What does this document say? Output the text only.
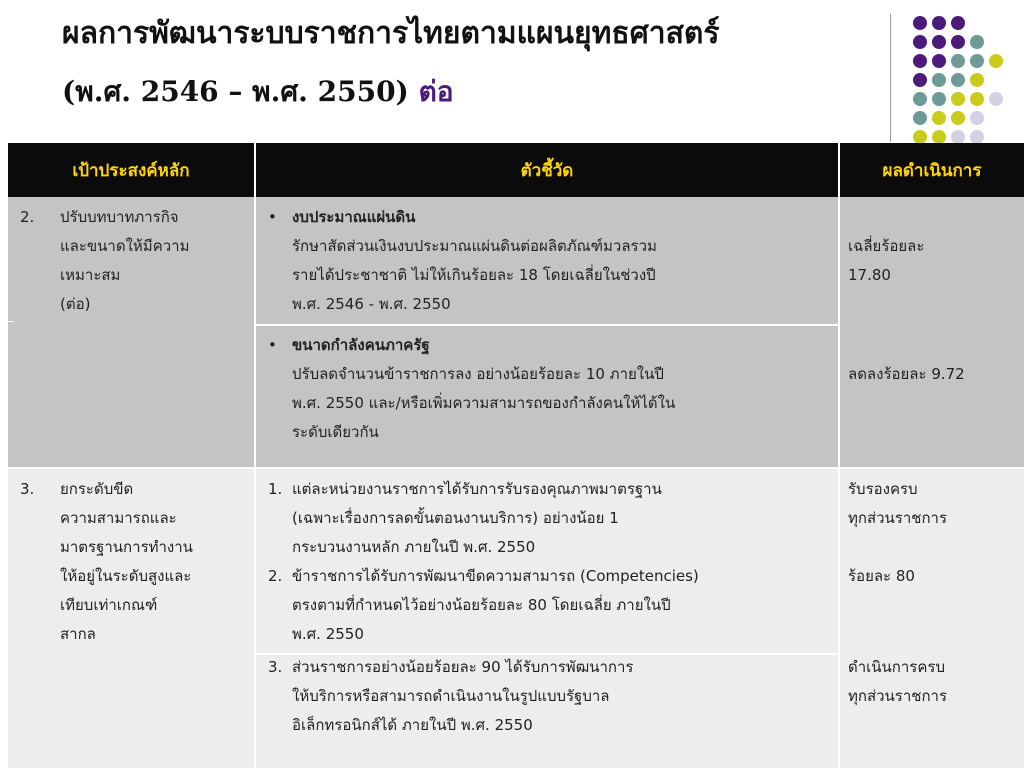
ผลการพัฒนาระบบราชการไทยตามแผนยุทธศาสตร์
(พ.ศ. 2546 – พ.ศ. 2550) ต่อ
เป้าประสงค์หลัก	ตัวชี้วัด	ผลดำเนินการ
2. ปรับบทบาทภารกิจ
และขนาดให้มีความ
เหมาะสม
(ต่อ)
• งบประมาณแผ่นดิน
รักษาสัดส่วนเงินงบประมาณแผ่นดินต่อผลิตภัณฑ์มวลรวม
รายได้ประชาชาติ ไม่ให้เกินร้อยละ 18 โดยเฉลี่ยในช่วงปี
พ.ศ. 2546 - พ.ศ. 2550
• ขนาดกำลังคนภาครัฐ
ปรับลดจำนวนข้าราชการลง อย่างน้อยร้อยละ 10 ภายในปี
พ.ศ. 2550 และ/หรือเพิ่มความสามารถของกำลังคนให้ได้ใน
ระดับเดียวกัน
เฉลี่ยร้อยละ
17.80
ลดลงร้อยละ 9.72
3. ยกระดับขีด
ความสามารถและ
มาตรฐานการทำงาน
ให้อยู่ในระดับสูงและ
เทียบเท่าเกณฑ์
สากล
1. แต่ละหน่วยงานราชการได้รับการรับรองคุณภาพมาตรฐาน
(เฉพาะเรื่องการลดขั้นตอนงานบริการ) อย่างน้อย 1
กระบวนงานหลัก ภายในปี พ.ศ. 2550
2. ข้าราชการได้รับการพัฒนาขีดความสามารถ (Competencies)
ตรงตามที่กำหนดไว้อย่างน้อยร้อยละ 80 โดยเฉลี่ย ภายในปี
พ.ศ. 2550
3. ส่วนราชการอย่างน้อยร้อยละ 90 ได้รับการพัฒนาการ
ให้บริการหรือสามารถดำเนินงานในรูปแบบรัฐบาล
อิเล็กทรอนิกส์ได้ ภายในปี พ.ศ. 2550
รับรองครบ
ทุกส่วนราชการ
ร้อยละ 80
ดำเนินการครบ
ทุกส่วนราชการ
